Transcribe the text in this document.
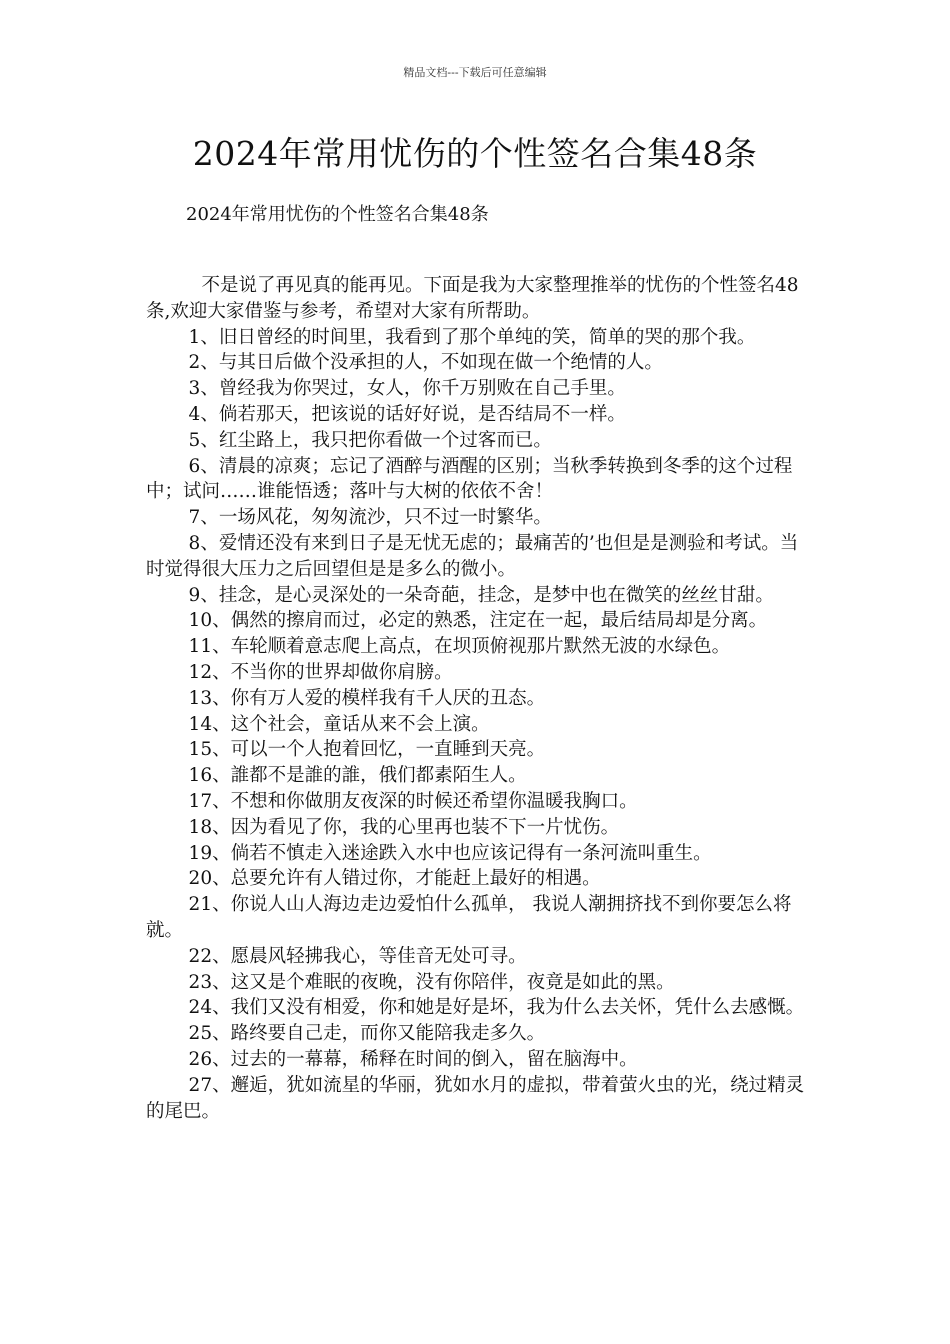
精品文档---下载后可任意编辑
2024年常用忧伤的个性签名合集48条
2024年常用忧伤的个性签名合集48条

不是说了再见真的能再见。下面是我为大家整理推举的忧伤的个性签名48条,欢迎大家借鉴与参考，希望对大家有所帮助。

1、旧日曾经的时间里，我看到了那个单纯的笑，简单的哭的那个我。

2、与其日后做个没承担的人，不如现在做一个绝情的人。

3、曾经我为你哭过，女人，你千万别败在自己手里。

4、倘若那天，把该说的话好好说，是否结局不一样。

5、红尘路上，我只把你看做一个过客而已。

6、清晨的凉爽；忘记了酒醉与酒醒的区别；当秋季转换到冬季的这个过程中；试问……谁能悟透；落叶与大树的依依不舍！

7、一场风花，匆匆流沙，只不过一时繁华。

8、爱情还没有来到日子是无忧无虑的；最痛苦的’也但是是测验和考试。当时觉得很大压力之后回望但是是多么的微小。

9、挂念，是心灵深处的一朵奇葩，挂念，是梦中也在微笑的丝丝甘甜。

10、偶然的擦肩而过，必定的熟悉，注定在一起，最后结局却是分离。

11、车轮顺着意志爬上高点，在坝顶俯视那片默然无波的水绿色。

12、不当你的世界却做你肩膀。

13、你有万人爱的模样我有千人厌的丑态。

14、这个社会，童话从来不会上演。

15、可以一个人抱着回忆，一直睡到天亮。

16、誰都不是誰的誰，俄们都素陌生人。

17、不想和你做朋友夜深的时候还希望你温暖我胸口。

18、因为看见了你，我的心里再也装不下一片忧伤。

19、倘若不慎走入迷途跌入水中也应该记得有一条河流叫重生。

20、总要允许有人错过你，才能赶上最好的相遇。

21、你说人山人海边走边爱怕什么孤单， 我说人潮拥挤找不到你要怎么将就。

22、愿晨风轻拂我心，等佳音无处可寻。

23、这又是个难眠的夜晚，没有你陪伴，夜竟是如此的黑。

24、我们又没有相爱，你和她是好是坏，我为什么去关怀，凭什么去感慨。

25、路终要自己走，而你又能陪我走多久。

26、过去的一幕幕，稀释在时间的倒入，留在脑海中。

27、邂逅，犹如流星的华丽，犹如水月的虚拟，带着萤火虫的光，绕过精灵的尾巴。
